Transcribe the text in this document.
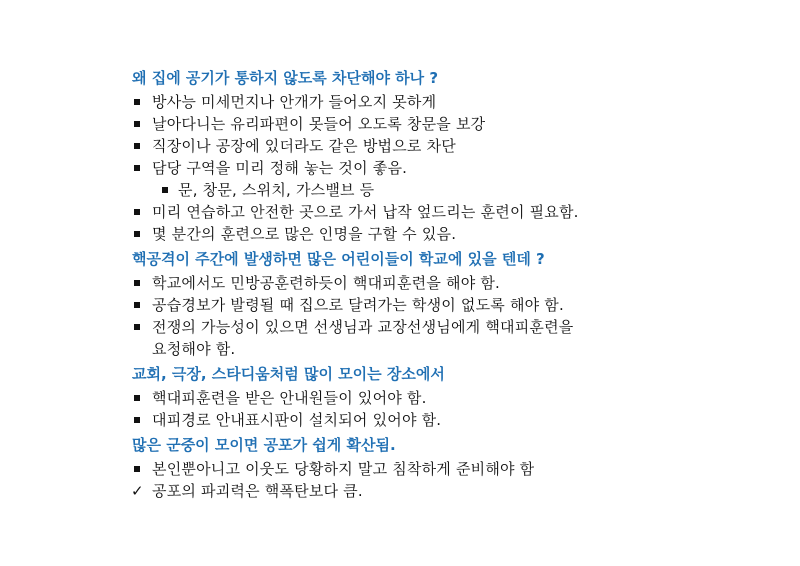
왜 집에 공기가 통하지 않도록 차단해야 하나 ?
방사능 미세먼지나 안개가 들어오지 못하게
날아다니는 유리파편이 못들어 오도록 창문을 보강
직장이나 공장에 있더라도 같은 방법으로 차단
담당 구역을 미리 정해 놓는 것이 좋음.
문, 창문, 스위치, 가스밸브 등
미리 연습하고 안전한 곳으로 가서 납작 엎드리는 훈련이 필요함.
몇 분간의 훈련으로 많은 인명을 구할 수 있음.
핵공격이 주간에 발생하면 많은 어린이들이 학교에 있을 텐데 ?
학교에서도 민방공훈련하듯이 핵대피훈련을 해야 함.
공습경보가 발령될 때 집으로 달려가는 학생이 없도록 해야 함.
전쟁의 가능성이 있으면 선생님과 교장선생님에게 핵대피훈련을
요청해야 함.
교회, 극장, 스타디움처럼 많이 모이는 장소에서
핵대피훈련을 받은 안내원들이 있어야 함.
대피경로 안내표시판이 설치되어 있어야 함.
많은 군중이 모이면 공포가 쉽게 확산됨.
본인뿐아니고 이웃도 당황하지 말고 침착하게 준비해야 함
✓ 공포의 파괴력은 핵폭탄보다 큼.
